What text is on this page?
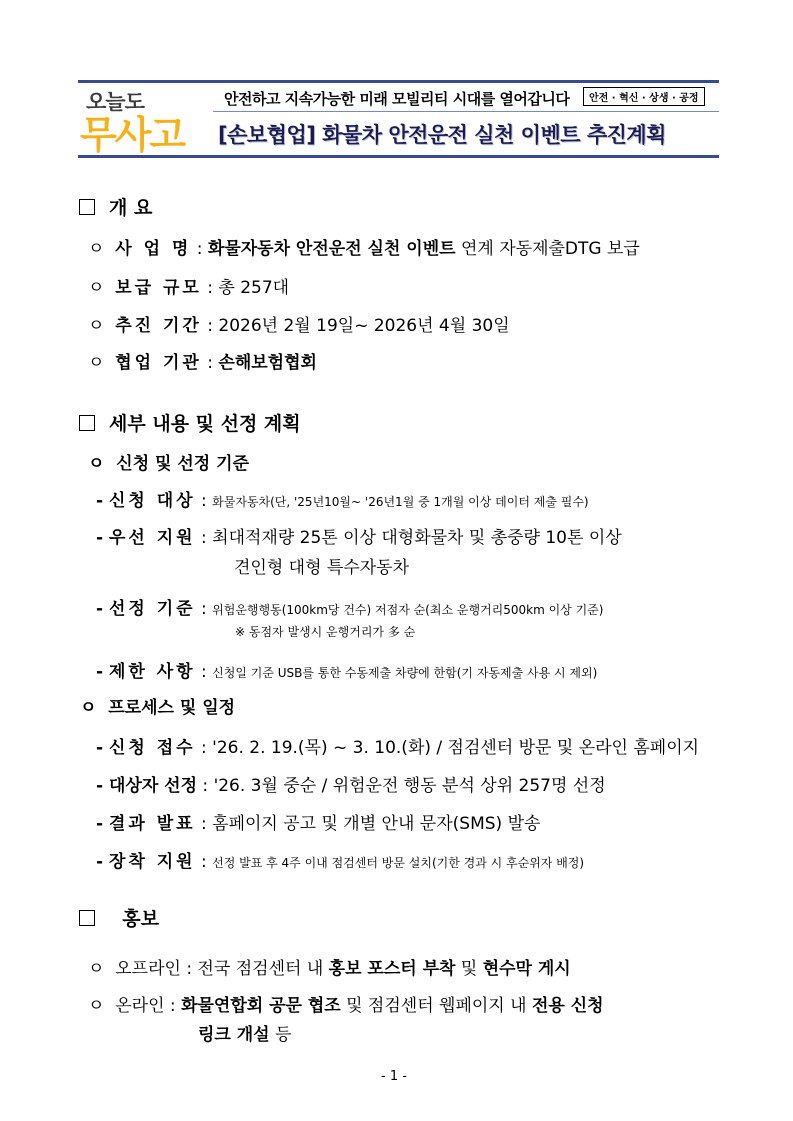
오늘도
무사고
안전하고 지속가능한 미래 모빌리티 시대를 열어갑니다	안전 · 혁신 · 상생 · 공정
[손보협업] 화물차 안전운전 실천 이벤트 추진계획
개 요
ㅇ 사 업 명 : 화물자동차 안전운전 실천 이벤트 연계 자동제출DTG 보급
ㅇ 보급 규모 : 총 257대
ㅇ 추진 기간 : 2026년 2월 19일~ 2026년 4월 30일
ㅇ 협업 기관 : 손해보험협회
세부 내용 및 선정 계획
ㅇ 신청 및 선정 기준
- 신청 대상 : 화물자동차(단, '25년10월~ '26년1월 중 1개월 이상 데이터 제출 필수)
- 우선 지원 : 최대적재량 25톤 이상 대형화물차 및 총중량 10톤 이상
견인형 대형 특수자동차
- 선정 기준 : 위험운행행동(100km당 건수) 저점자 순(최소 운행거리500km 이상 기준)
※ 동점자 발생시 운행거리가 多 순
- 제한 사항 : 신청일 기준 USB를 통한 수동제출 차량에 한함(기 자동제출 사용 시 제외)
ㅇ 프로세스 및 일정
- 신청 접수 : '26. 2. 19.(목) ~ 3. 10.(화) / 점검센터 방문 및 온라인 홈페이지
- 대상자 선정 : '26. 3월 중순 / 위험운전 행동 분석 상위 257명 선정
- 결과 발표 : 홈페이지 공고 및 개별 안내 문자(SMS) 발송
- 장착 지원 : 선정 발표 후 4주 이내 점검센터 방문 설치(기한 경과 시 후순위자 배정)
홍보
ㅇ 오프라인 : 전국 점검센터 내 홍보 포스터 부착 및 현수막 게시
ㅇ 온라인 : 화물연합회 공문 협조 및 점검센터 웹페이지 내 전용 신청
링크 개설 등
- 1 -
